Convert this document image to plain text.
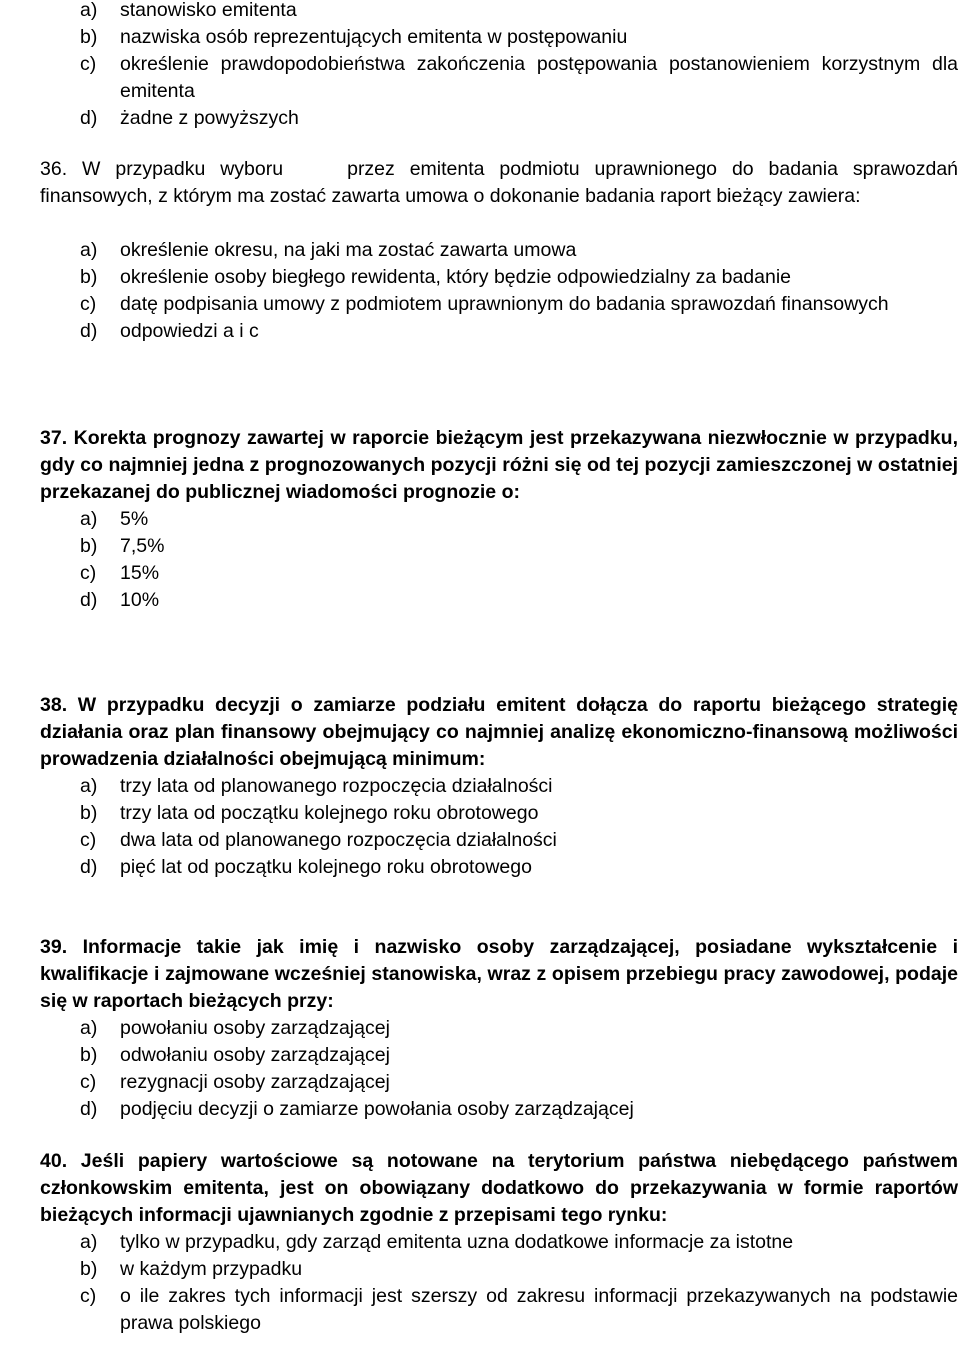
a) stanowisko emitenta
b) nazwiska osób reprezentujących emitenta w postępowaniu
c) określenie prawdopodobieństwa zakończenia postępowania postanowieniem korzystnym dla emitenta
d) żadne z powyższych

36. W przypadku wyboru	przez emitenta podmiotu uprawnionego do badania sprawozdań finansowych, z którym ma zostać zawarta umowa o dokonanie badania raport bieżący zawiera:

a) określenie okresu, na jaki ma zostać zawarta umowa
b) określenie osoby biegłego rewidenta, który będzie odpowiedzialny za badanie
c) datę podpisania umowy z podmiotem uprawnionym do badania sprawozdań finansowych
d) odpowiedzi a i c

37. Korekta prognozy zawartej w raporcie bieżącym jest przekazywana niezwłocznie w przypadku, gdy co najmniej jedna z prognozowanych pozycji różni się od tej pozycji zamieszczonej w ostatniej przekazanej do publicznej wiadomości prognozie o:

a) 5%
b) 7,5%
c) 15%
d) 10%

38. W przypadku decyzji o zamiarze podziału emitent dołącza do raportu bieżącego strategię działania oraz plan finansowy obejmujący co najmniej analizę ekonomiczno-finansową możliwości prowadzenia działalności obejmującą minimum:

a) trzy lata od planowanego rozpoczęcia działalności
b) trzy lata od początku kolejnego roku obrotowego
c) dwa lata od planowanego rozpoczęcia działalności
d) pięć lat od początku kolejnego roku obrotowego

39. Informacje takie jak imię i nazwisko osoby zarządzającej, posiadane wykształcenie i kwalifikacje i zajmowane wcześniej stanowiska, wraz z opisem przebiegu pracy zawodowej, podaje się w raportach bieżących przy:

a) powołaniu osoby zarządzającej
b) odwołaniu osoby zarządzającej
c) rezygnacji osoby zarządzającej
d) podjęciu decyzji o zamiarze powołania osoby zarządzającej

40. Jeśli papiery wartościowe są notowane na terytorium państwa niebędącego państwem członkowskim emitenta, jest on obowiązany dodatkowo do przekazywania w formie raportów bieżących informacji ujawnianych zgodnie z przepisami tego rynku:

a) tylko w przypadku, gdy zarząd emitenta uzna dodatkowe informacje za istotne
b) w każdym przypadku
c) o ile zakres tych informacji jest szerszy od zakresu informacji przekazywanych na podstawie prawa polskiego
